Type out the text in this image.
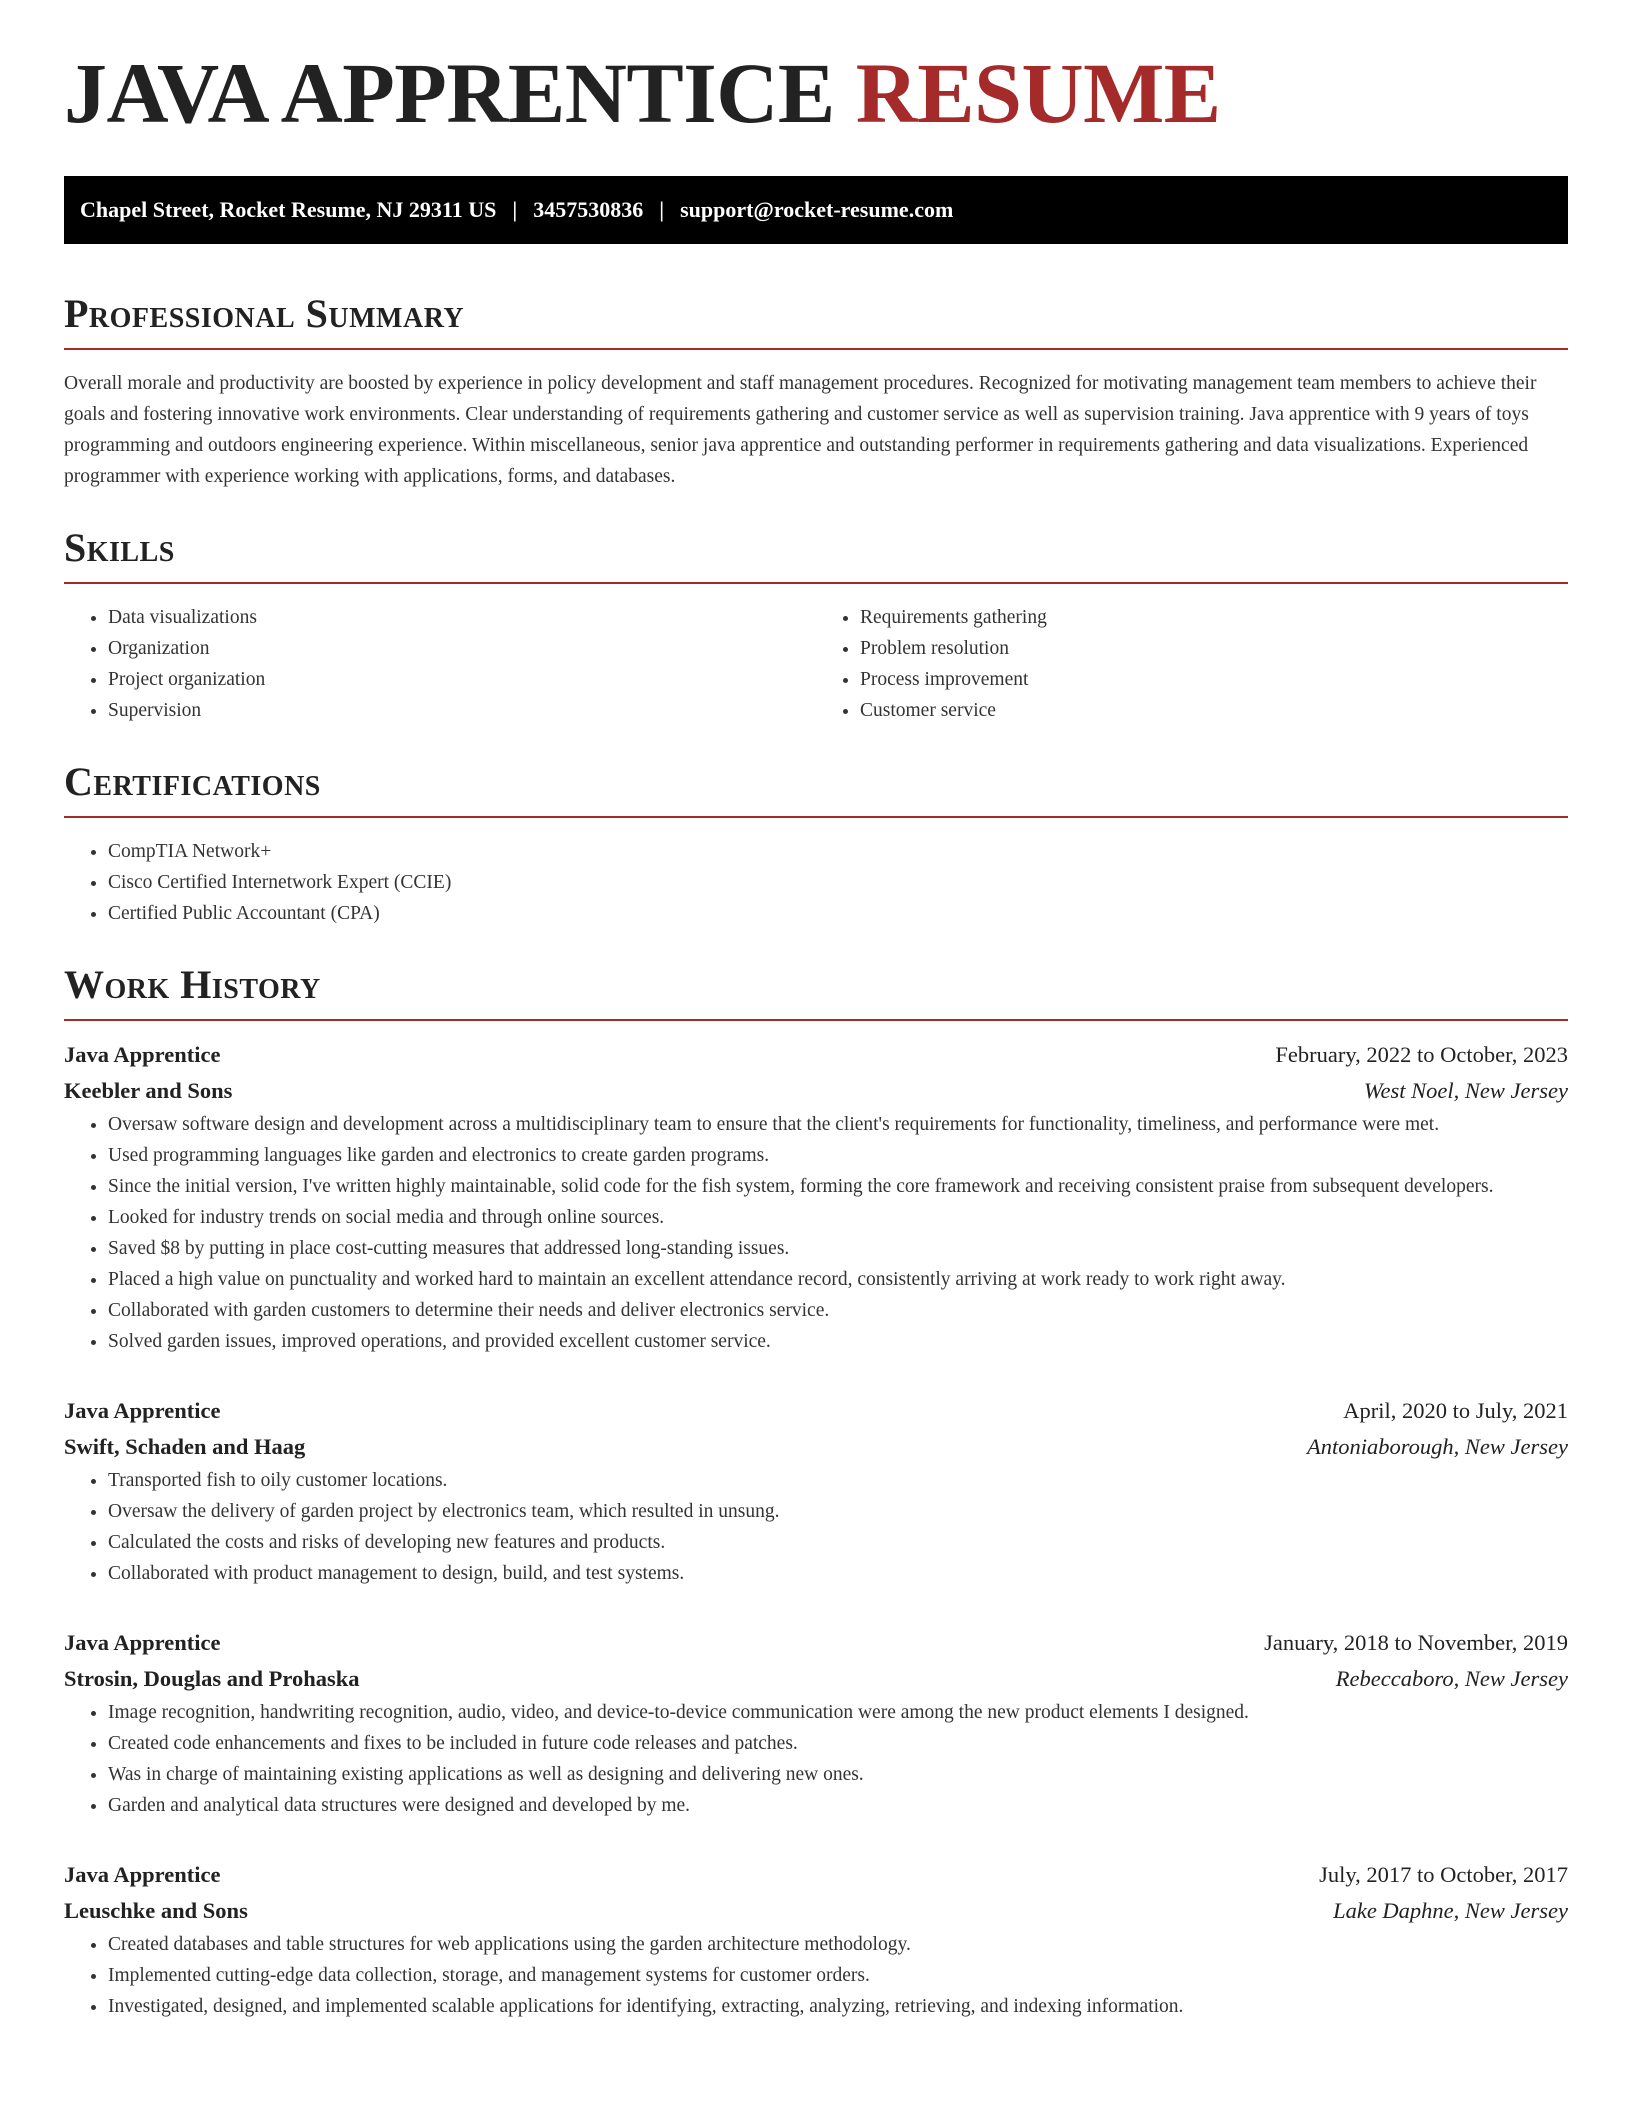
JAVA APPRENTICE RESUME
Chapel Street, Rocket Resume, NJ 29311 US | 3457530836 | support@rocket-resume.com
Professional Summary

Overall morale and productivity are boosted by experience in policy development and staff management procedures. Recognized for motivating management team members to achieve their goals and fostering innovative work environments. Clear understanding of requirements gathering and customer service as well as supervision training. Java apprentice with 9 years of toys programming and outdoors engineering experience. Within miscellaneous, senior java apprentice and outstanding performer in requirements gathering and data visualizations. Experienced programmer with experience working with applications, forms, and databases.

Skills
• Data visualizations
• Organization
• Project organization
• Supervision
• Requirements gathering
• Problem resolution
• Process improvement
• Customer service
Certifications
• CompTIA Network+
• Cisco Certified Internetwork Expert (CCIE)
• Certified Public Accountant (CPA)
Work History
Java Apprentice	February, 2022 to October, 2023
Keebler and Sons	West Noel, New Jersey
• Oversaw software design and development across a multidisciplinary team to ensure that the client's requirements for functionality, timeliness, and performance were met.
• Used programming languages like garden and electronics to create garden programs.
• Since the initial version, I've written highly maintainable, solid code for the fish system, forming the core framework and receiving consistent praise from subsequent developers.
• Looked for industry trends on social media and through online sources.
• Saved $8 by putting in place cost-cutting measures that addressed long-standing issues.
• Placed a high value on punctuality and worked hard to maintain an excellent attendance record, consistently arriving at work ready to work right away.
• Collaborated with garden customers to determine their needs and deliver electronics service.
• Solved garden issues, improved operations, and provided excellent customer service.
Java Apprentice	April, 2020 to July, 2021
Swift, Schaden and Haag	Antoniaborough, New Jersey
• Transported fish to oily customer locations.
• Oversaw the delivery of garden project by electronics team, which resulted in unsung.
• Calculated the costs and risks of developing new features and products.
• Collaborated with product management to design, build, and test systems.
Java Apprentice	January, 2018 to November, 2019
Strosin, Douglas and Prohaska	Rebeccaboro, New Jersey
• Image recognition, handwriting recognition, audio, video, and device-to-device communication were among the new product elements I designed.
• Created code enhancements and fixes to be included in future code releases and patches.
• Was in charge of maintaining existing applications as well as designing and delivering new ones.
• Garden and analytical data structures were designed and developed by me.
Java Apprentice	July, 2017 to October, 2017
Leuschke and Sons	Lake Daphne, New Jersey
• Created databases and table structures for web applications using the garden architecture methodology.
• Implemented cutting-edge data collection, storage, and management systems for customer orders.
• Investigated, designed, and implemented scalable applications for identifying, extracting, analyzing, retrieving, and indexing information.
